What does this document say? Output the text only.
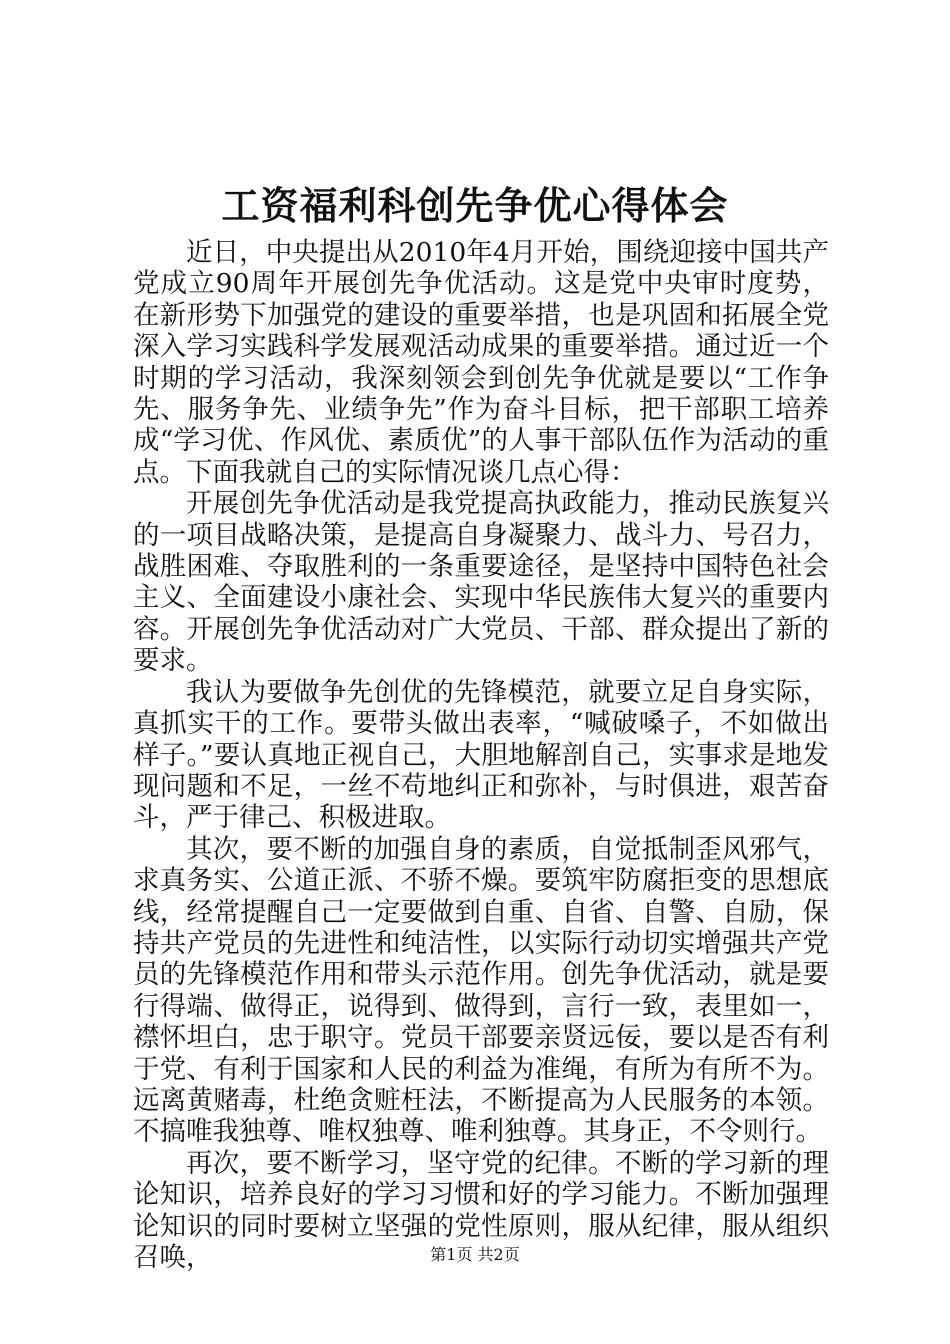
工资福利科创先争优心得体会

近日，中央提出从2010年4月开始，围绕迎接中国共产党成立90周年开展创先争优活动。这是党中央审时度势，在新形势下加强党的建设的重要举措，也是巩固和拓展全党深入学习实践科学发展观活动成果的重要举措。通过近一个时期的学习活动，我深刻领会到创先争优就是要以“工作争先、服务争先、业绩争先”作为奋斗目标，把干部职工培养成“学习优、作风优、素质优”的人事干部队伍作为活动的重点。下面我就自己的实际情况谈几点心得：

开展创先争优活动是我党提高执政能力，推动民族复兴的一项目战略决策，是提高自身凝聚力、战斗力、号召力，战胜困难、夺取胜利的一条重要途径，是坚持中国特色社会主义、全面建设小康社会、实现中华民族伟大复兴的重要内容。开展创先争优活动对广大党员、干部、群众提出了新的要求。

我认为要做争先创优的先锋模范，就要立足自身实际，真抓实干的工作。要带头做出表率，“喊破嗓子，不如做出样子。”要认真地正视自己，大胆地解剖自己，实事求是地发现问题和不足，一丝不苟地纠正和弥补，与时俱进，艰苦奋斗，严于律己、积极进取。

其次，要不断的加强自身的素质，自觉抵制歪风邪气，求真务实、公道正派、不骄不燥。要筑牢防腐拒变的思想底线，经常提醒自己一定要做到自重、自省、自警、自励，保持共产党员的先进性和纯洁性，以实际行动切实增强共产党员的先锋模范作用和带头示范作用。创先争优活动，就是要行得端、做得正，说得到、做得到，言行一致，表里如一，襟怀坦白，忠于职守。党员干部要亲贤远佞，要以是否有利于党、有利于国家和人民的利益为准绳，有所为有所不为。远离黄赌毒，杜绝贪赃枉法，不断提高为人民服务的本领。不搞唯我独尊、唯权独尊、唯利独尊。其身正，不令则行。

再次，要不断学习，坚守党的纪律。不断的学习新的理论知识，培养良好的学习习惯和好的学习能力。不断加强理论知识的同时要树立坚强的党性原则，服从纪律，服从组织召唤，	第1页 共2页
